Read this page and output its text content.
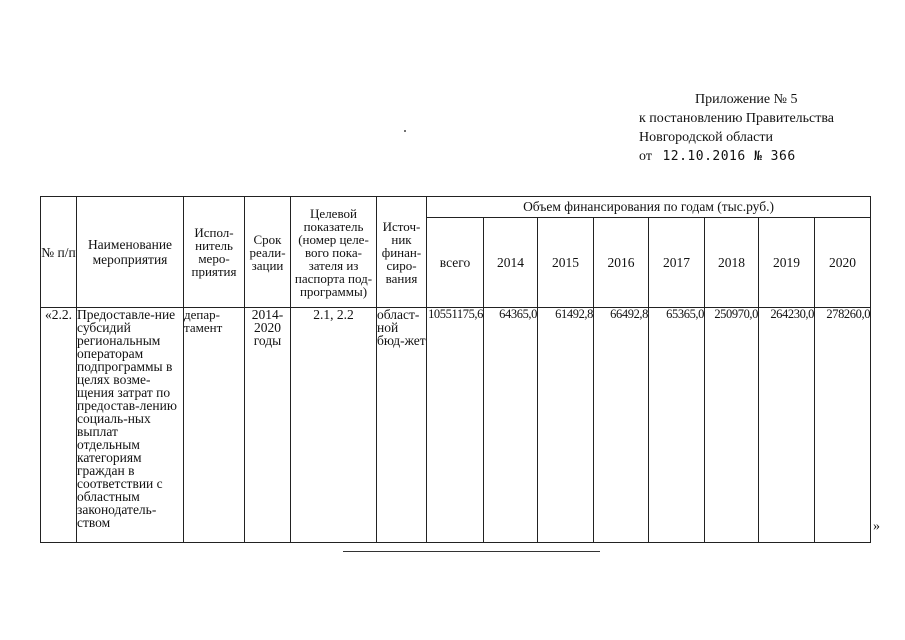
Приложение № 5
к постановлению Правительства
Новгородской области
от 12.10.2016 № 366
№ п/п	Наименование мероприятия	Испол-нитель меро-приятия	Срок реали-зации	Целевой показатель (номер целе-вого пока-зателя из паспорта под-программы)	Источ-ник финан-сиро-вания	Объем финансирования по годам (тыс.руб.)							
						всего	2014	2015	2016	2017	2018	2019	2020
«2.2.	Предоставле-ние субсидий региональным операторам подпрограммы в целях возме-щения затрат по предостав-лению социаль-ных выплат отдельным категориям граждан в соответствии с областным законодатель-ством	депар-тамент	2014-2020 годы	2.1, 2.2	област-ной бюд-жет	10551175,6	64365,0	61492,8	66492,8	65365,0	250970,0	264230,0	278260,0
»
